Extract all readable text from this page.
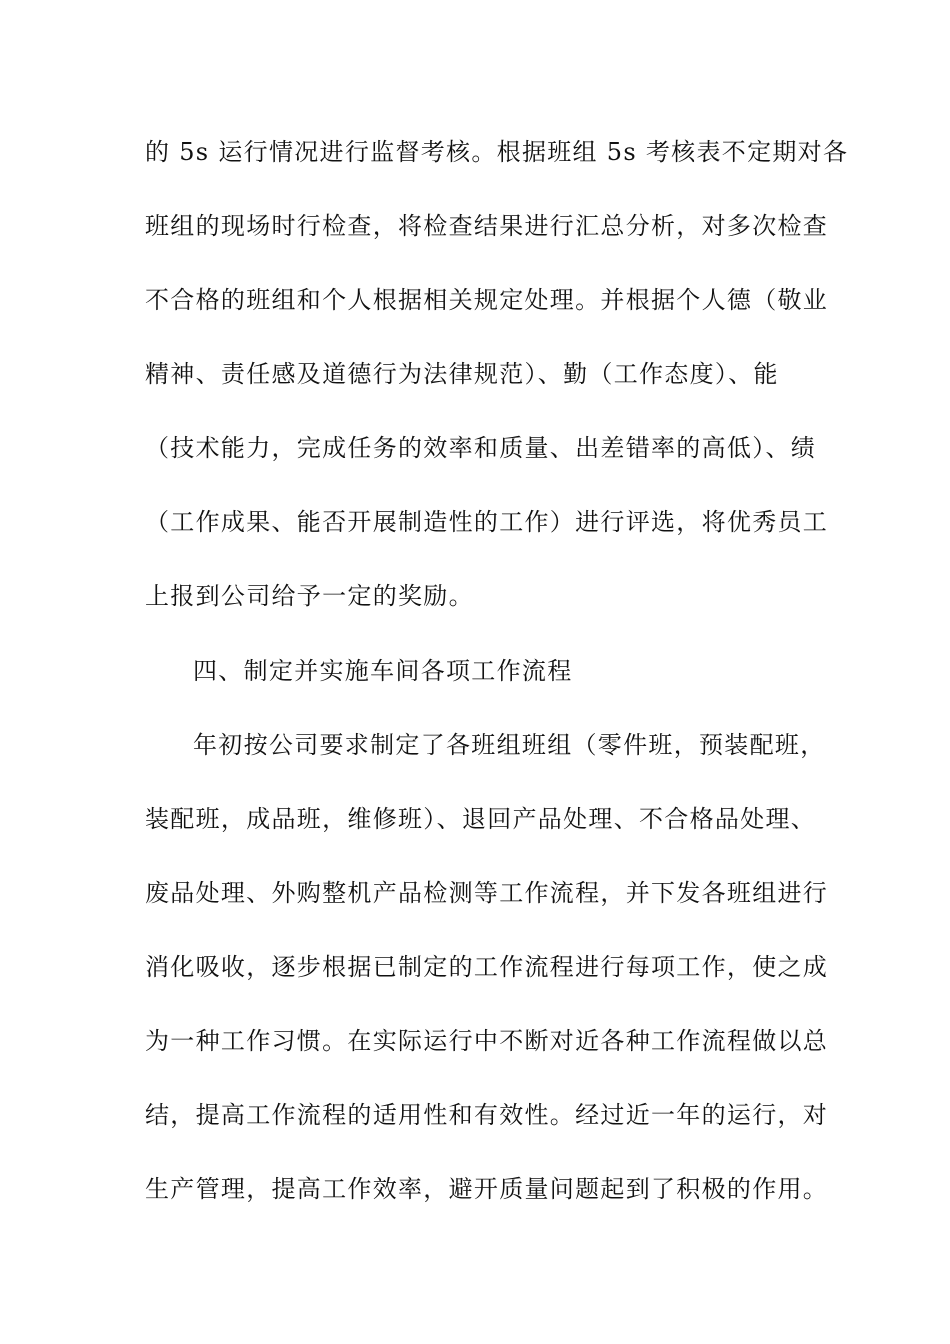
的 5s 运行情况进行监督考核。根据班组 5s 考核表不定期对各
班组的现场时行检查，将检查结果进行汇总分析，对多次检查
不合格的班组和个人根据相关规定处理。并根据个人德（敬业
精神、责任感及道德行为法律规范）、勤（工作态度）、能
（技术能力，完成任务的效率和质量、出差错率的高低）、绩
（工作成果、能否开展制造性的工作）进行评选，将优秀员工
上报到公司给予一定的奖励。
四、制定并实施车间各项工作流程
年初按公司要求制定了各班组班组（零件班，预装配班，
装配班，成品班，维修班）、退回产品处理、不合格品处理、
废品处理、外购整机产品检测等工作流程，并下发各班组进行
消化吸收，逐步根据已制定的工作流程进行每项工作，使之成
为一种工作习惯。在实际运行中不断对近各种工作流程做以总
结，提高工作流程的适用性和有效性。经过近一年的运行，对
生产管理，提高工作效率，避开质量问题起到了积极的作用。
